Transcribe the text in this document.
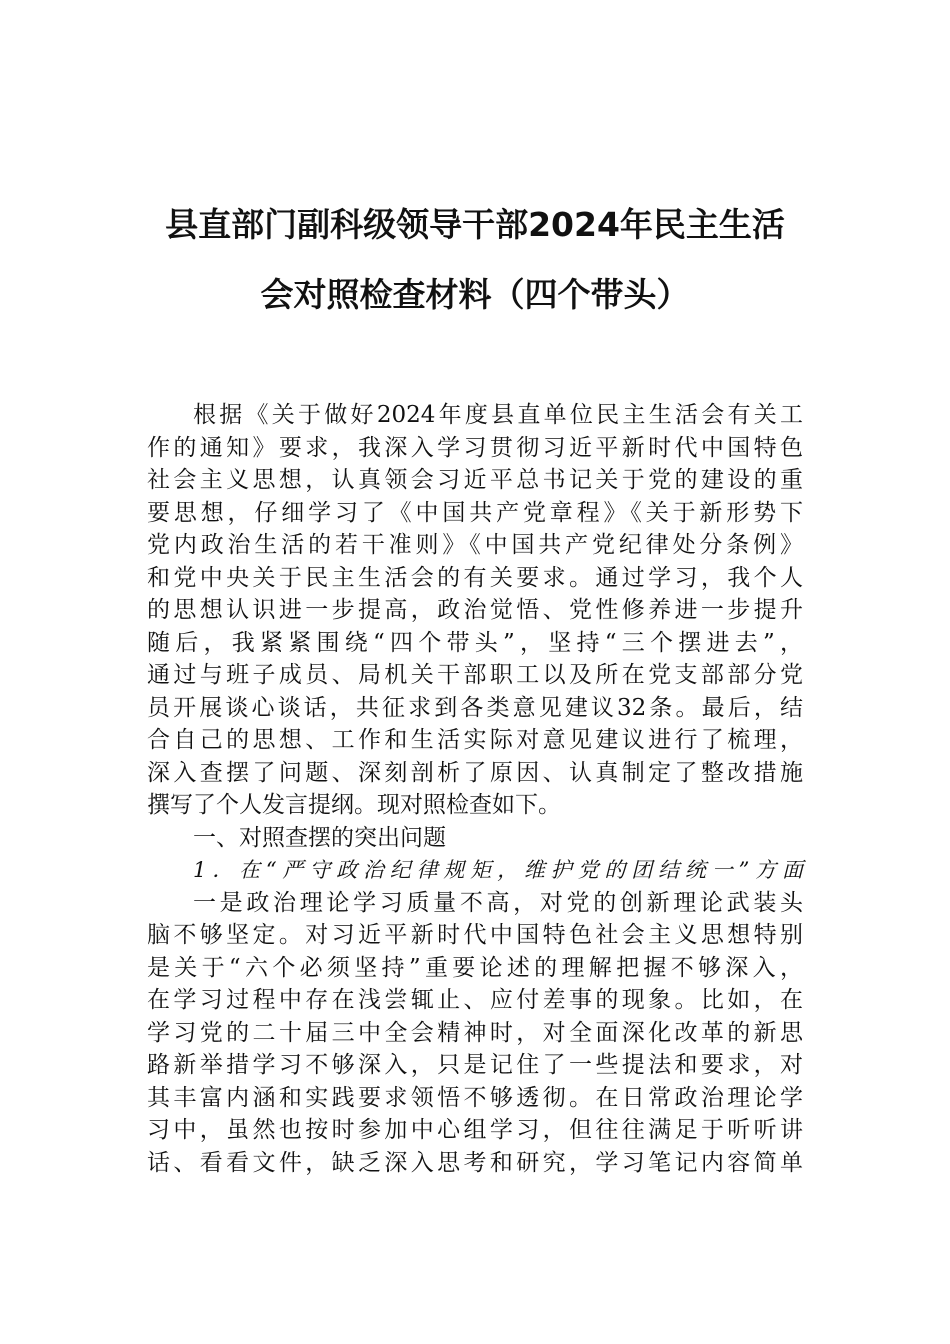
县直部门副科级领导干部2024年民主生活
会对照检查材料（四个带头）
根据《关于做好2024年度县直单位民主生活会有关工
作的通知》要求，我深入学习贯彻习近平新时代中国特色
社会主义思想，认真领会习近平总书记关于党的建设的重
要思想，仔细学习了《中国共产党章程》《关于新形势下
党内政治生活的若干准则》《中国共产党纪律处分条例》
和党中央关于民主生活会的有关要求。通过学习，我个人
的思想认识进一步提高，政治觉悟、党性修养进一步提升
随后，我紧紧围绕“四个带头”，坚持“三个摆进去”，
通过与班子成员、局机关干部职工以及所在党支部部分党
员开展谈心谈话，共征求到各类意见建议32条。最后，结
合自己的思想、工作和生活实际对意见建议进行了梳理，
深入查摆了问题、深刻剖析了原因、认真制定了整改措施
撰写了个人发言提纲。现对照检查如下。
一、对照查摆的突出问题
1．在“严守政治纪律规矩，维护党的团结统一”方面
一是政治理论学习质量不高，对党的创新理论武装头
脑不够坚定。对习近平新时代中国特色社会主义思想特别
是关于“六个必须坚持”重要论述的理解把握不够深入，
在学习过程中存在浅尝辄止、应付差事的现象。比如，在
学习党的二十届三中全会精神时，对全面深化改革的新思
路新举措学习不够深入，只是记住了一些提法和要求，对
其丰富内涵和实践要求领悟不够透彻。在日常政治理论学
习中，虽然也按时参加中心组学习，但往往满足于听听讲
话、看看文件，缺乏深入思考和研究，学习笔记内容简单
